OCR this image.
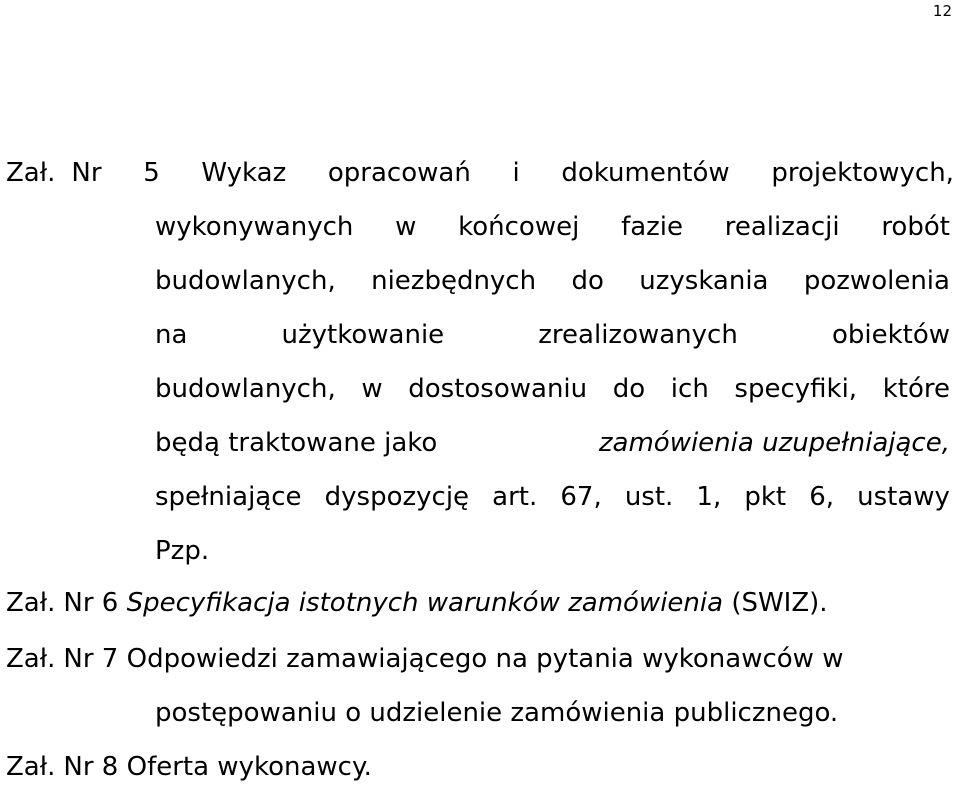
12
Zał. Nr 5 Wykaz opracowań i dokumentów projektowych,
wykonywanych w końcowej fazie realizacji robót
budowlanych, niezbędnych do uzyskania pozwolenia
na	użytkowanie	zrealizowanych	obiektów
budowlanych, w dostosowaniu do ich specyfiki, które
będą traktowane jako	zamówienia uzupełniające,
spełniające dyspozycję art. 67, ust. 1, pkt 6, ustawy
Pzp.
Zał. Nr 6 Specyfikacja istotnych warunków zamówienia (SWIZ).
Zał. Nr 7 Odpowiedzi zamawiającego na pytania wykonawców w
postępowaniu o udzielenie zamówienia publicznego.
Zał. Nr 8 Oferta wykonawcy.
